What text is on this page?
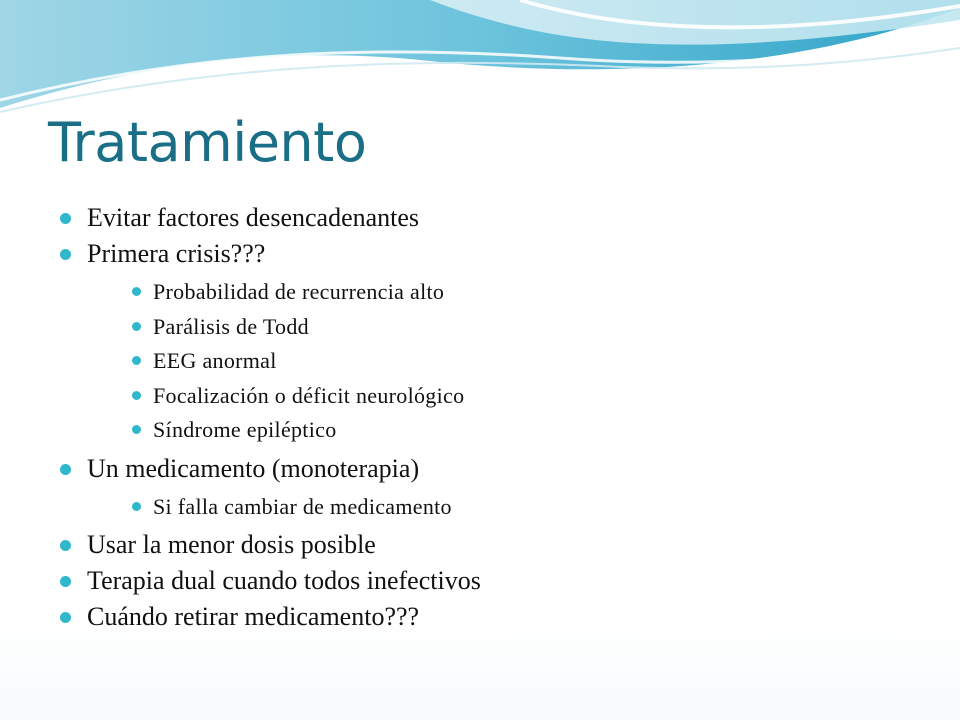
Tratamiento
Evitar factores desencadenantes
Primera crisis???
Probabilidad de recurrencia alto
Parálisis de Todd
EEG anormal
Focalización o déficit neurológico
Síndrome epiléptico
Un medicamento (monoterapia)
Si falla cambiar de medicamento
Usar la menor dosis posible
Terapia dual cuando todos inefectivos
Cuándo retirar medicamento???
